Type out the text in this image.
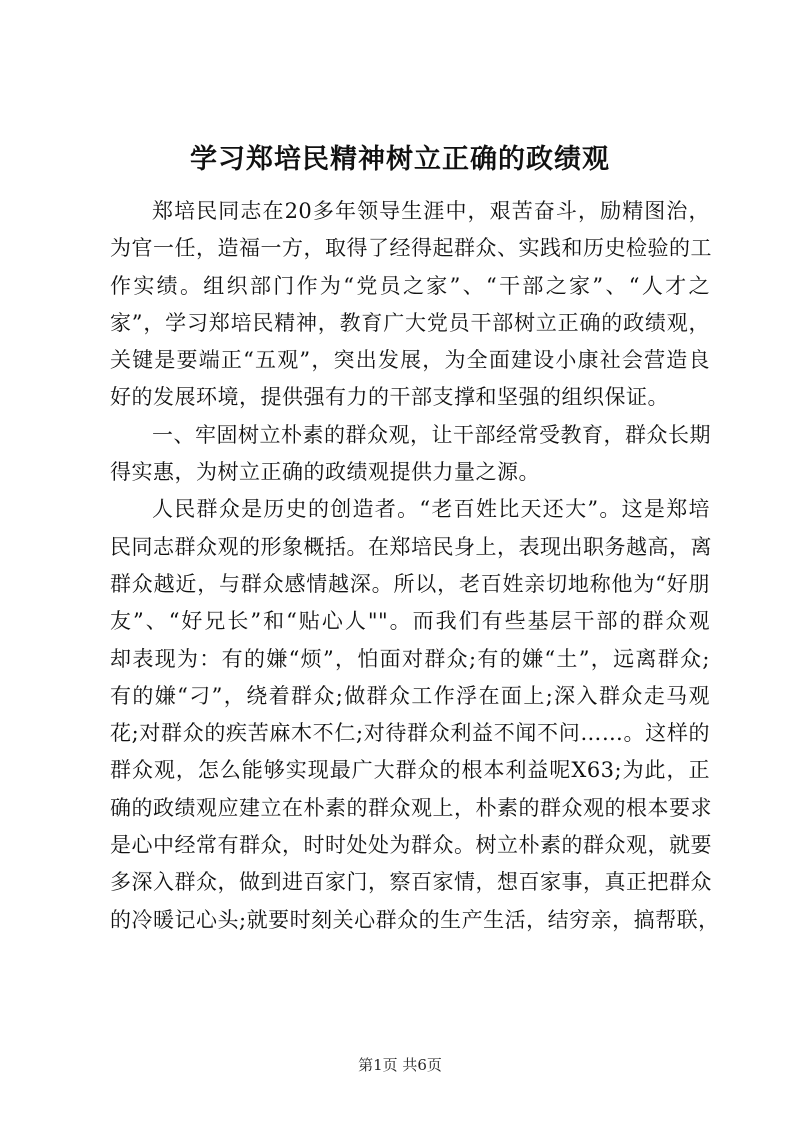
学习郑培民精神树立正确的政绩观
郑培民同志在20多年领导生涯中，艰苦奋斗，励精图治，
为官一任，造福一方，取得了经得起群众、实践和历史检验的工
作实绩。组织部门作为“党员之家”、“干部之家”、“人才之
家”，学习郑培民精神，教育广大党员干部树立正确的政绩观，
关键是要端正“五观”，突出发展，为全面建设小康社会营造良
好的发展环境，提供强有力的干部支撑和坚强的组织保证。
一、牢固树立朴素的群众观，让干部经常受教育，群众长期
得实惠，为树立正确的政绩观提供力量之源。
人民群众是历史的创造者。“老百姓比天还大”。这是郑培
民同志群众观的形象概括。在郑培民身上，表现出职务越高，离
群众越近，与群众感情越深。所以，老百姓亲切地称他为“好朋
友”、“好兄长”和“贴心人""。而我们有些基层干部的群众观
却表现为：有的嫌“烦”，怕面对群众;有的嫌“土”，远离群众;
有的嫌“刁”，绕着群众;做群众工作浮在面上;深入群众走马观
花;对群众的疾苦麻木不仁;对待群众利益不闻不问……。这样的
群众观，怎么能够实现最广大群众的根本利益呢X63;为此，正
确的政绩观应建立在朴素的群众观上，朴素的群众观的根本要求
是心中经常有群众，时时处处为群众。树立朴素的群众观，就要
多深入群众，做到进百家门，察百家情，想百家事，真正把群众
的冷暖记心头;就要时刻关心群众的生产生活，结穷亲，搞帮联，
第1页 共6页
